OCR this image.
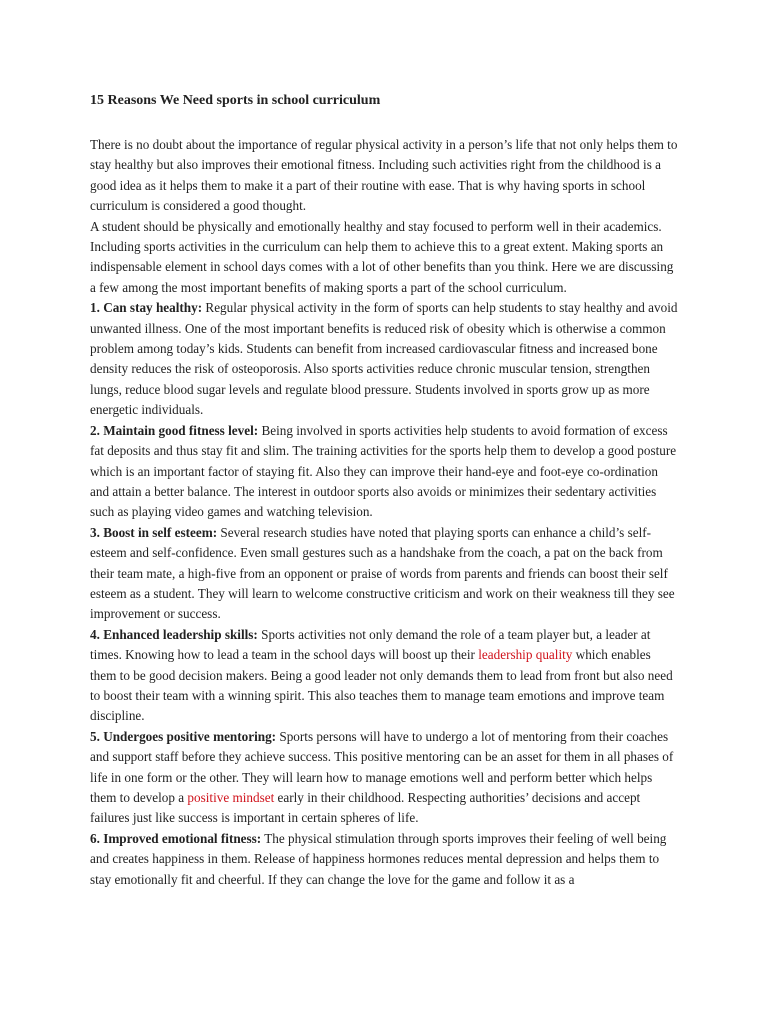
15 Reasons We Need sports in school curriculum

There is no doubt about the importance of regular physical activity in a person’s life that not only helps them to stay healthy but also improves their emotional fitness. Including such activities right from the childhood is a good idea as it helps them to make it a part of their routine with ease. That is why having sports in school curriculum is considered a good thought.

A student should be physically and emotionally healthy and stay focused to perform well in their academics. Including sports activities in the curriculum can help them to achieve this to a great extent. Making sports an indispensable element in school days comes with a lot of other benefits than you think. Here we are discussing a few among the most important benefits of making sports a part of the school curriculum.

1. Can stay healthy: Regular physical activity in the form of sports can help students to stay healthy and avoid unwanted illness. One of the most important benefits is reduced risk of obesity which is otherwise a common problem among today’s kids. Students can benefit from increased cardiovascular fitness and increased bone density reduces the risk of osteoporosis. Also sports activities reduce chronic muscular tension, strengthen lungs, reduce blood sugar levels and regulate blood pressure. Students involved in sports grow up as more energetic individuals.

2. Maintain good fitness level: Being involved in sports activities help students to avoid formation of excess fat deposits and thus stay fit and slim. The training activities for the sports help them to develop a good posture which is an important factor of staying fit. Also they can improve their hand-eye and foot-eye co-ordination and attain a better balance. The interest in outdoor sports also avoids or minimizes their sedentary activities such as playing video games and watching television.

3. Boost in self esteem: Several research studies have noted that playing sports can enhance a child’s self-esteem and self-confidence. Even small gestures such as a handshake from the coach, a pat on the back from their team mate, a high-five from an opponent or praise of words from parents and friends can boost their self esteem as a student. They will learn to welcome constructive criticism and work on their weakness till they see improvement or success.

4. Enhanced leadership skills: Sports activities not only demand the role of a team player but, a leader at times. Knowing how to lead a team in the school days will boost up their leadership quality which enables them to be good decision makers. Being a good leader not only demands them to lead from front but also need to boost their team with a winning spirit. This also teaches them to manage team emotions and improve team discipline.

5. Undergoes positive mentoring: Sports persons will have to undergo a lot of mentoring from their coaches and support staff before they achieve success. This positive mentoring can be an asset for them in all phases of life in one form or the other. They will learn how to manage emotions well and perform better which helps them to develop a positive mindset early in their childhood. Respecting authorities’ decisions and accept failures just like success is important in certain spheres of life.

6. Improved emotional fitness: The physical stimulation through sports improves their feeling of well being and creates happiness in them. Release of happiness hormones reduces mental depression and helps them to stay emotionally fit and cheerful. If they can change the love for the game and follow it as a
